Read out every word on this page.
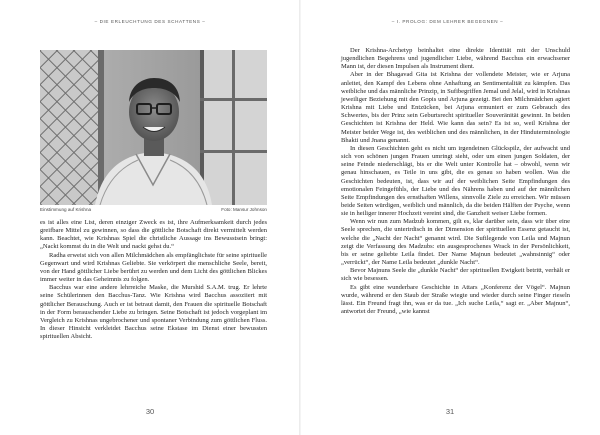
– DIE ERLEUCHTUNG DES SCHATTENS –
Einstimmung auf Krishna	Foto: Mansur Johnson

es ist alles eine List, deren einziger Zweck es ist, ihre Aufmerksamkeit durch jedes greifbare Mittel zu gewinnen, so dass die göttliche Botschaft direkt vermittelt werden kann. Beachtet, wie Krishnas Spiel die christliche Aussage ins Bewusstsein bringt: „Nackt kommst du in die Welt und nackt gehst du.“

Radha erweist sich von allen Milchmädchen als empfänglichste für seine spirituelle Gegenwart und wird Krishnas Geliebte. Sie verkörpert die menschliche Seele, bereit, von der Hand göttlicher Liebe berührt zu werden und dem Licht des göttlichen Blickes immer weiter in das Geheimnis zu folgen.

Bacchus war eine andere lehrreiche Maske, die Murshid S.A.M. trug. Er lehrte seine Schülerinnen den Bacchus-Tanz. Wie Krishna wird Bacchus assoziiert mit göttlicher Berauschung. Auch er ist betraut damit, den Frauen die spirituelle Botschaft in der Form berauschender Liebe zu bringen. Seine Botschaft ist jedoch vorgeplant im Vergleich zu Krishnas ungebrochener und spontaner Verbindung zum göttlichen Fluss. In dieser Hinsicht verkleidet Bacchus seine Ekstase im Dienst einer bewussten spirituellen Absicht.

30
– I. PROLOG: DEM LEHRER BEGEGNEN –

Der Krishna-Archetyp beinhaltet eine direkte Identität mit der Unschuld jugendlichen Begehrens und jugendlicher Liebe, während Bacchus ein erwachsener Mann ist, der diesen Impulsen als Instrument dient.

Aber in der Bhagavad Gita ist Krishna der vollendete Meister, wie er Arjuna anleitet, den Kampf des Lebens ohne Anhaftung an Sentimentalität zu kämpfen. Das weibliche und das männliche Prinzip, in Sufibegriffen Jemal und Jelal, wird in Krishnas jeweiliger Beziehung mit den Gopis und Arjuna gezeigt. Bei den Milchmädchen agiert Krishna mit Liebe und Entzücken, bei Arjuna ermuntert er zum Gebrauch des Schwertes, bis der Prinz sein Geburtsrecht spiritueller Souveränität gewinnt. In beiden Geschichten ist Krishna der Held. Wie kann das sein? Es ist so, weil Krishna der Meister beider Wege ist, des weiblichen und des männlichen, in der Hinduterminologie Bhakti und Jnana genannt.

In diesen Geschichten geht es nicht um irgendeinen Glückspilz, der aufwacht und sich von schönen jungen Frauen umringt sieht, oder um einen jungen Soldaten, der seine Feinde niederschlägt, bis er die Welt unter Kontrolle hat – obwohl, wenn wir genau hinschauen, es Teile in uns gibt, die es genau so haben wollen. Was die Geschichten bedeuten, ist, dass wir auf der weiblichen Seite Empfindungen des emotionalen Feingefühls, der Liebe und des Nährens haben und auf der männlichen Seite Empfindungen des ernsthaften Willens, sinnvolle Ziele zu erreichen. Wir müssen beide Seiten würdigen, weiblich und männlich, da die beiden Hälften der Psyche, wenn sie in heiliger innerer Hochzeit vereint sind, die Ganzheit weiser Liebe formen.

Wenn wir nun zum Madzub kommen, gilt es, klar darüber sein, dass wir über eine Seele sprechen, die unterirdisch in der Dimension der spirituellen Essenz getaucht ist, welche die „Nacht der Nacht“ genannt wird. Die Sufilegende von Leila und Majnun zeigt die Verfassung des Madzubs: ein ausgesprochenes Wrack in der Persönlichkeit, bis er seine geliebte Leila findet. Der Name Majnun bedeutet „wahnsinnig“ oder „verrückt“, der Name Leila bedeutet „dunkle Nacht“.

Bevor Majnuns Seele die „dunkle Nacht“ der spirituellen Ewigkeit betritt, verhält er sich wie besessen.

Es gibt eine wunderbare Geschichte in Attars „Konferenz der Vögel“. Majnun wurde, während er den Staub der Straße wiegte und wieder durch seine Finger rieseln lässt. Ein Freund fragt ihn, was er da tue. „Ich suche Leila,“ sagt er. „Aber Majnun“, antwortet der Freund, „wie kannst

31
